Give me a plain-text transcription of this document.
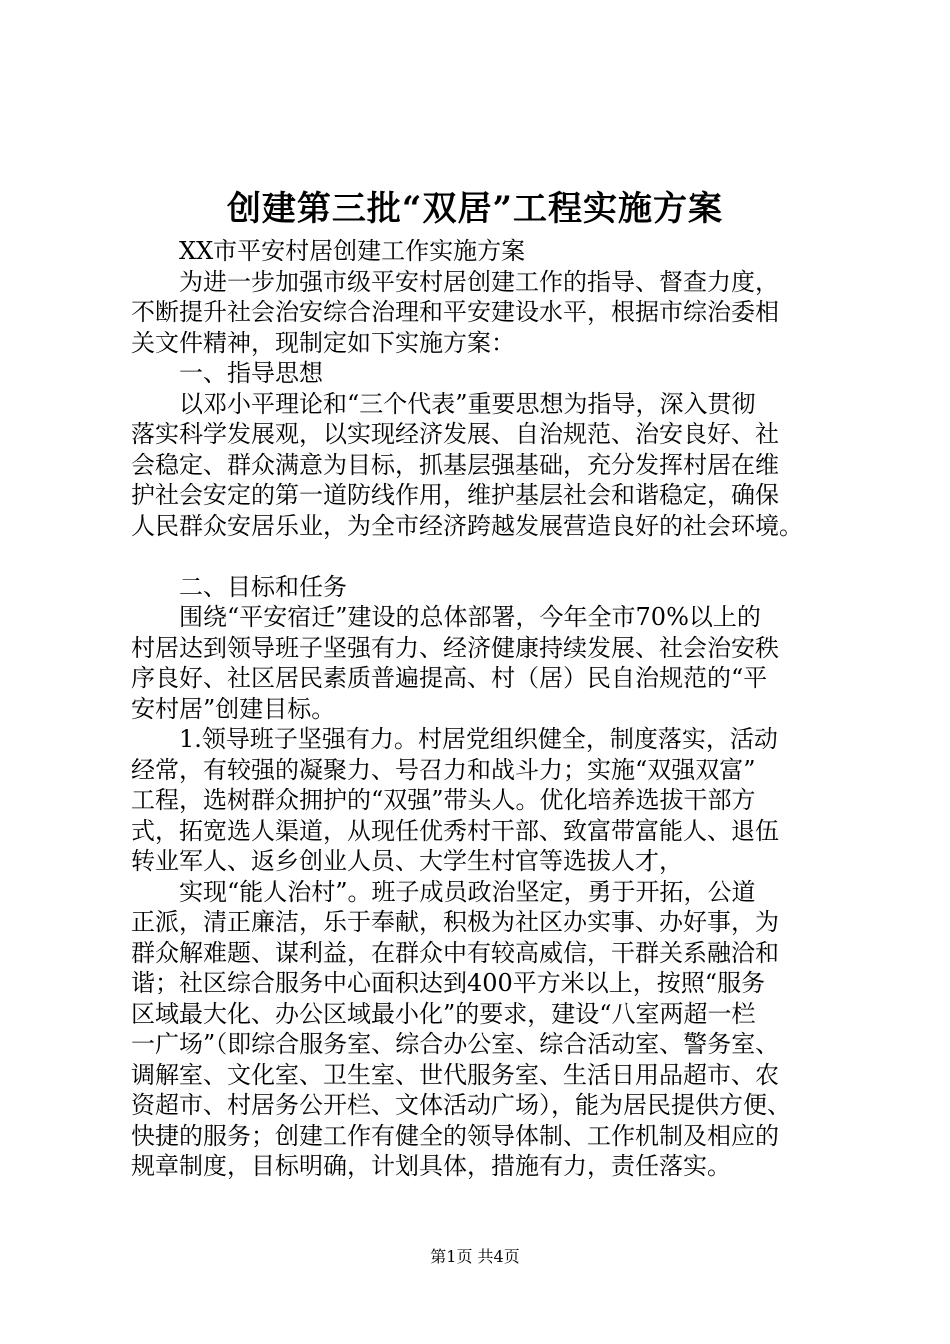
创建第三批“双居”工程实施方案
　　XX市平安村居创建工作实施方案
　　为进一步加强市级平安村居创建工作的指导、督查力度，
不断提升社会治安综合治理和平安建设水平，根据市综治委相
关文件精神，现制定如下实施方案：
　　一、指导思想
　　以邓小平理论和“三个代表”重要思想为指导，深入贯彻
落实科学发展观，以实现经济发展、自治规范、治安良好、社
会稳定、群众满意为目标，抓基层强基础，充分发挥村居在维
护社会安定的第一道防线作用，维护基层社会和谐稳定，确保
人民群众安居乐业，为全市经济跨越发展营造良好的社会环境。
　　二、目标和任务
　　围绕“平安宿迁”建设的总体部署，今年全市70%以上的
村居达到领导班子坚强有力、经济健康持续发展、社会治安秩
序良好、社区居民素质普遍提高、村（居）民自治规范的“平
安村居”创建目标。
　　1.领导班子坚强有力。村居党组织健全，制度落实，活动
经常，有较强的凝聚力、号召力和战斗力；实施“双强双富”
工程，选树群众拥护的“双强”带头人。优化培养选拔干部方
式，拓宽选人渠道，从现任优秀村干部、致富带富能人、退伍
转业军人、返乡创业人员、大学生村官等选拔人才，
　　实现“能人治村”。班子成员政治坚定，勇于开拓，公道
正派，清正廉洁，乐于奉献，积极为社区办实事、办好事，为
群众解难题、谋利益，在群众中有较高威信，干群关系融洽和
谐；社区综合服务中心面积达到400平方米以上，按照“服务
区域最大化、办公区域最小化”的要求，建设“八室两超一栏
一广场”（即综合服务室、综合办公室、综合活动室、警务室、
调解室、文化室、卫生室、世代服务室、生活日用品超市、农
资超市、村居务公开栏、文体活动广场），能为居民提供方便、
快捷的服务；创建工作有健全的领导体制、工作机制及相应的
规章制度，目标明确，计划具体，措施有力，责任落实。
第1页 共4页
